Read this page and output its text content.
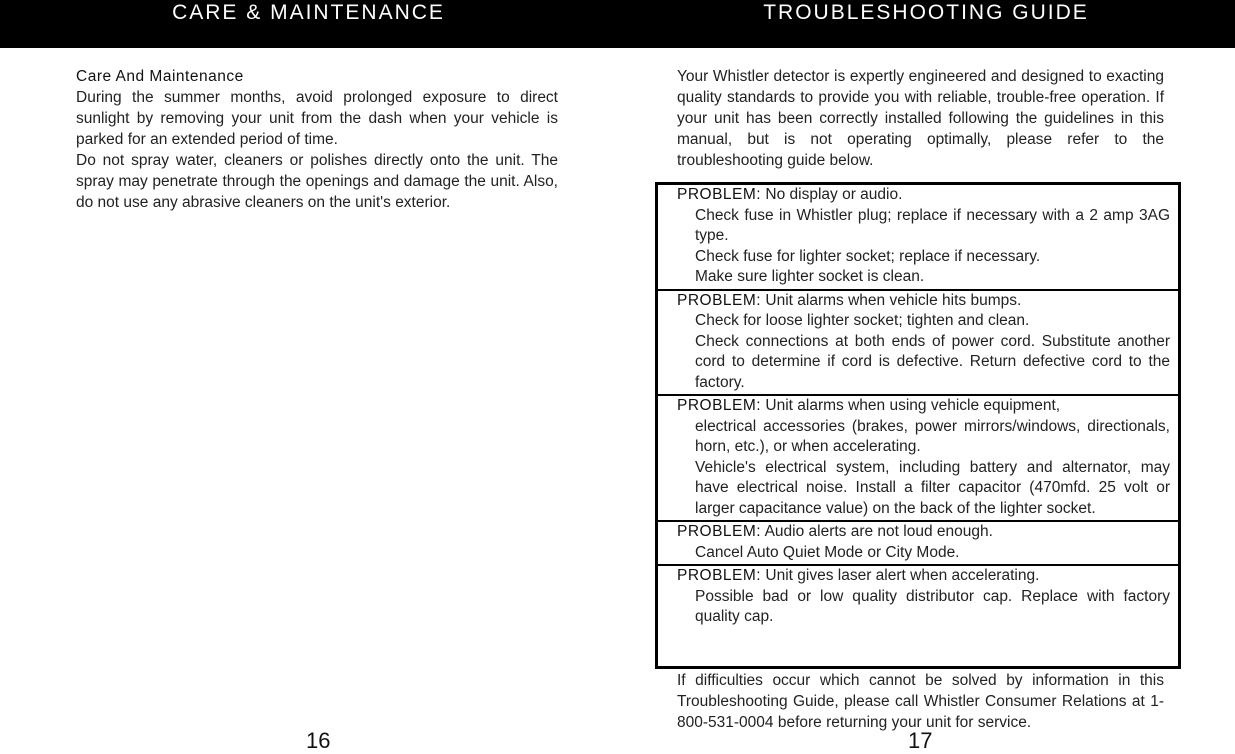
CARE & MAINTENANCE	TROUBLESHOOTING GUIDE
Care And Maintenance

During the summer months, avoid prolonged exposure to direct sunlight by removing your unit from the dash when your vehicle is parked for an extended period of time.

Do not spray water, cleaners or polishes directly onto the unit. The spray may penetrate through the openings and damage the unit. Also, do not use any abrasive cleaners on the unit's exterior.

Your Whistler detector is expertly engineered and designed to exacting quality standards to provide you with reliable, trouble-free operation. If your unit has been correctly installed following the guidelines in this manual, but is not operating optimally, please refer to the troubleshooting guide below.

PROBLEM: No display or audio.
Check fuse in Whistler plug; replace if necessary with a 2 amp 3AG type.
Check fuse for lighter socket; replace if necessary.
Make sure lighter socket is clean.
PROBLEM: Unit alarms when vehicle hits bumps.
Check for loose lighter socket; tighten and clean.
Check connections at both ends of power cord. Substitute another cord to determine if cord is defective. Return defective cord to the factory.
PROBLEM: Unit alarms when using vehicle equipment,
electrical accessories (brakes, power mirrors/windows, directionals, horn, etc.), or when accelerating.
Vehicle's electrical system, including battery and alternator, may have electrical noise. Install a filter capacitor (470mfd. 25 volt or larger capacitance value) on the back of the lighter socket.
PROBLEM: Audio alerts are not loud enough.
Cancel Auto Quiet Mode or City Mode.
PROBLEM: Unit gives laser alert when accelerating.
Possible bad or low quality distributor cap. Replace with factory quality cap.

If difficulties occur which cannot be solved by information in this Troubleshooting Guide, please call Whistler Consumer Relations at 1-800-531-0004 before returning your unit for service.

16	17
